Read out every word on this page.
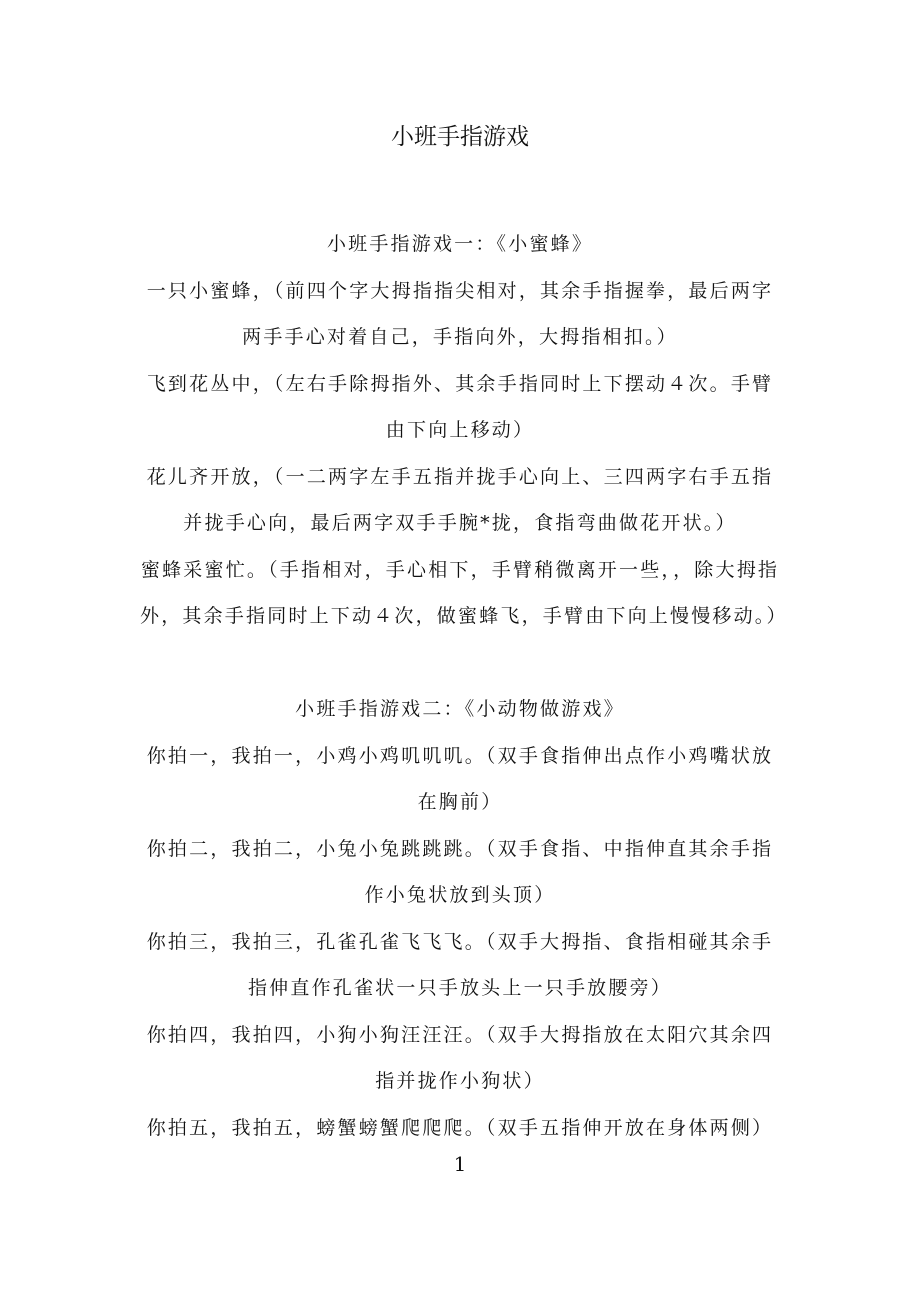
小班手指游戏

小班手指游戏一：《小蜜蜂》

一只小蜜蜂，（前四个字大拇指指尖相对，其余手指握拳，最后两字两手手心对着自己，手指向外，大拇指相扣。）

飞到花丛中，（左右手除拇指外、其余手指同时上下摆动４次。手臂由下向上移动）

花儿齐开放，（一二两字左手五指并拢手心向上、三四两字右手五指并拢手心向，最后两字双手手腕*拢，食指弯曲做花开状。）

蜜蜂采蜜忙。（手指相对，手心相下，手臂稍微离开一些，，除大拇指外，其余手指同时上下动４次，做蜜蜂飞，手臂由下向上慢慢移动。）

小班手指游戏二：《小动物做游戏》

你拍一，我拍一，小鸡小鸡叽叽叽。（双手食指伸出点作小鸡嘴状放在胸前）

你拍二，我拍二，小兔小兔跳跳跳。（双手食指、中指伸直其余手指作小兔状放到头顶）

你拍三，我拍三，孔雀孔雀飞飞飞。（双手大拇指、食指相碰其余手指伸直作孔雀状一只手放头上一只手放腰旁）

你拍四，我拍四，小狗小狗汪汪汪。（双手大拇指放在太阳穴其余四指并拢作小狗状）

你拍五，我拍五，螃蟹螃蟹爬爬爬。（双手五指伸开放在身体两侧）

1
